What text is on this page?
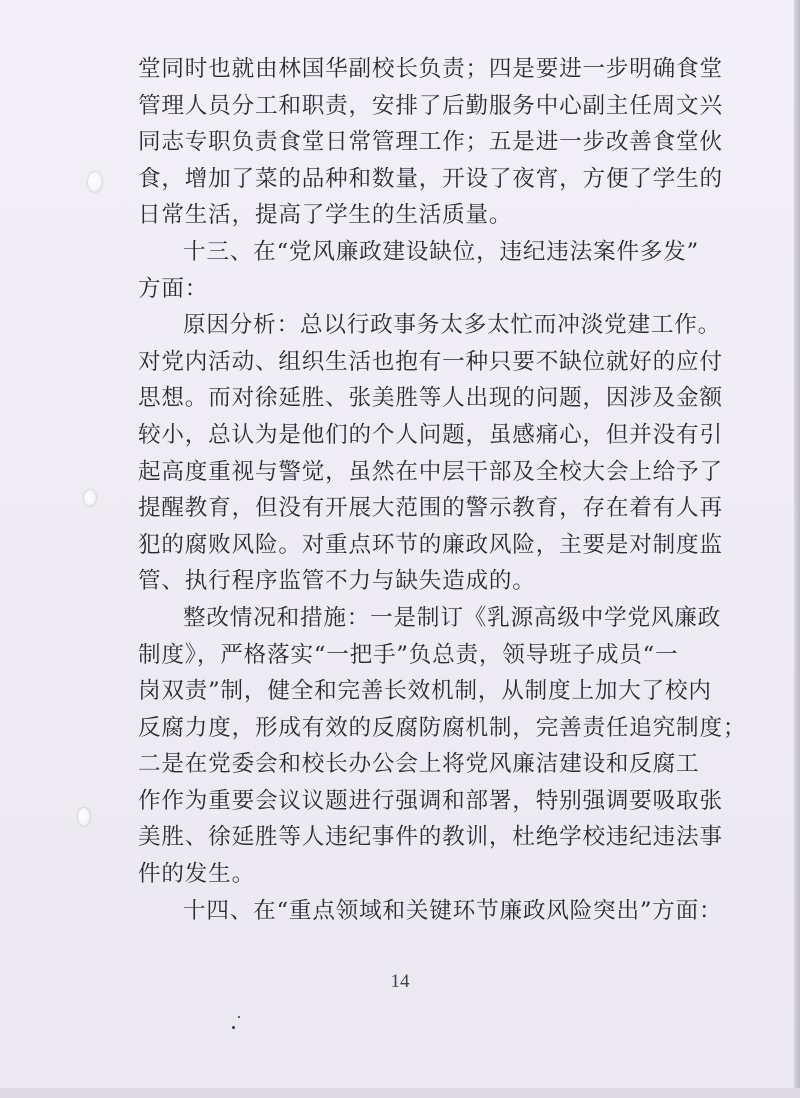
堂同时也就由林国华副校长负责；四是要进一步明确食堂
管理人员分工和职责，安排了后勤服务中心副主任周文兴
同志专职负责食堂日常管理工作；五是进一步改善食堂伙
食，增加了菜的品种和数量，开设了夜宵，方便了学生的
日常生活，提高了学生的生活质量。
十三、在“党风廉政建设缺位，违纪违法案件多发”
方面：
原因分析：总以行政事务太多太忙而冲淡党建工作。
对党内活动、组织生活也抱有一种只要不缺位就好的应付
思想。而对徐延胜、张美胜等人出现的问题，因涉及金额
较小，总认为是他们的个人问题，虽感痛心，但并没有引
起高度重视与警觉，虽然在中层干部及全校大会上给予了
提醒教育，但没有开展大范围的警示教育，存在着有人再
犯的腐败风险。对重点环节的廉政风险，主要是对制度监
管、执行程序监管不力与缺失造成的。
整改情况和措施：一是制订《乳源高级中学党风廉政
制度》，严格落实“一把手”负总责，领导班子成员“一
岗双责”制，健全和完善长效机制，从制度上加大了校内
反腐力度，形成有效的反腐防腐机制，完善责任追究制度；
二是在党委会和校长办公会上将党风廉洁建设和反腐工
作作为重要会议议题进行强调和部署，特别强调要吸取张
美胜、徐延胜等人违纪事件的教训，杜绝学校违纪违法事
件的发生。
十四、在“重点领域和关键环节廉政风险突出”方面：
14
